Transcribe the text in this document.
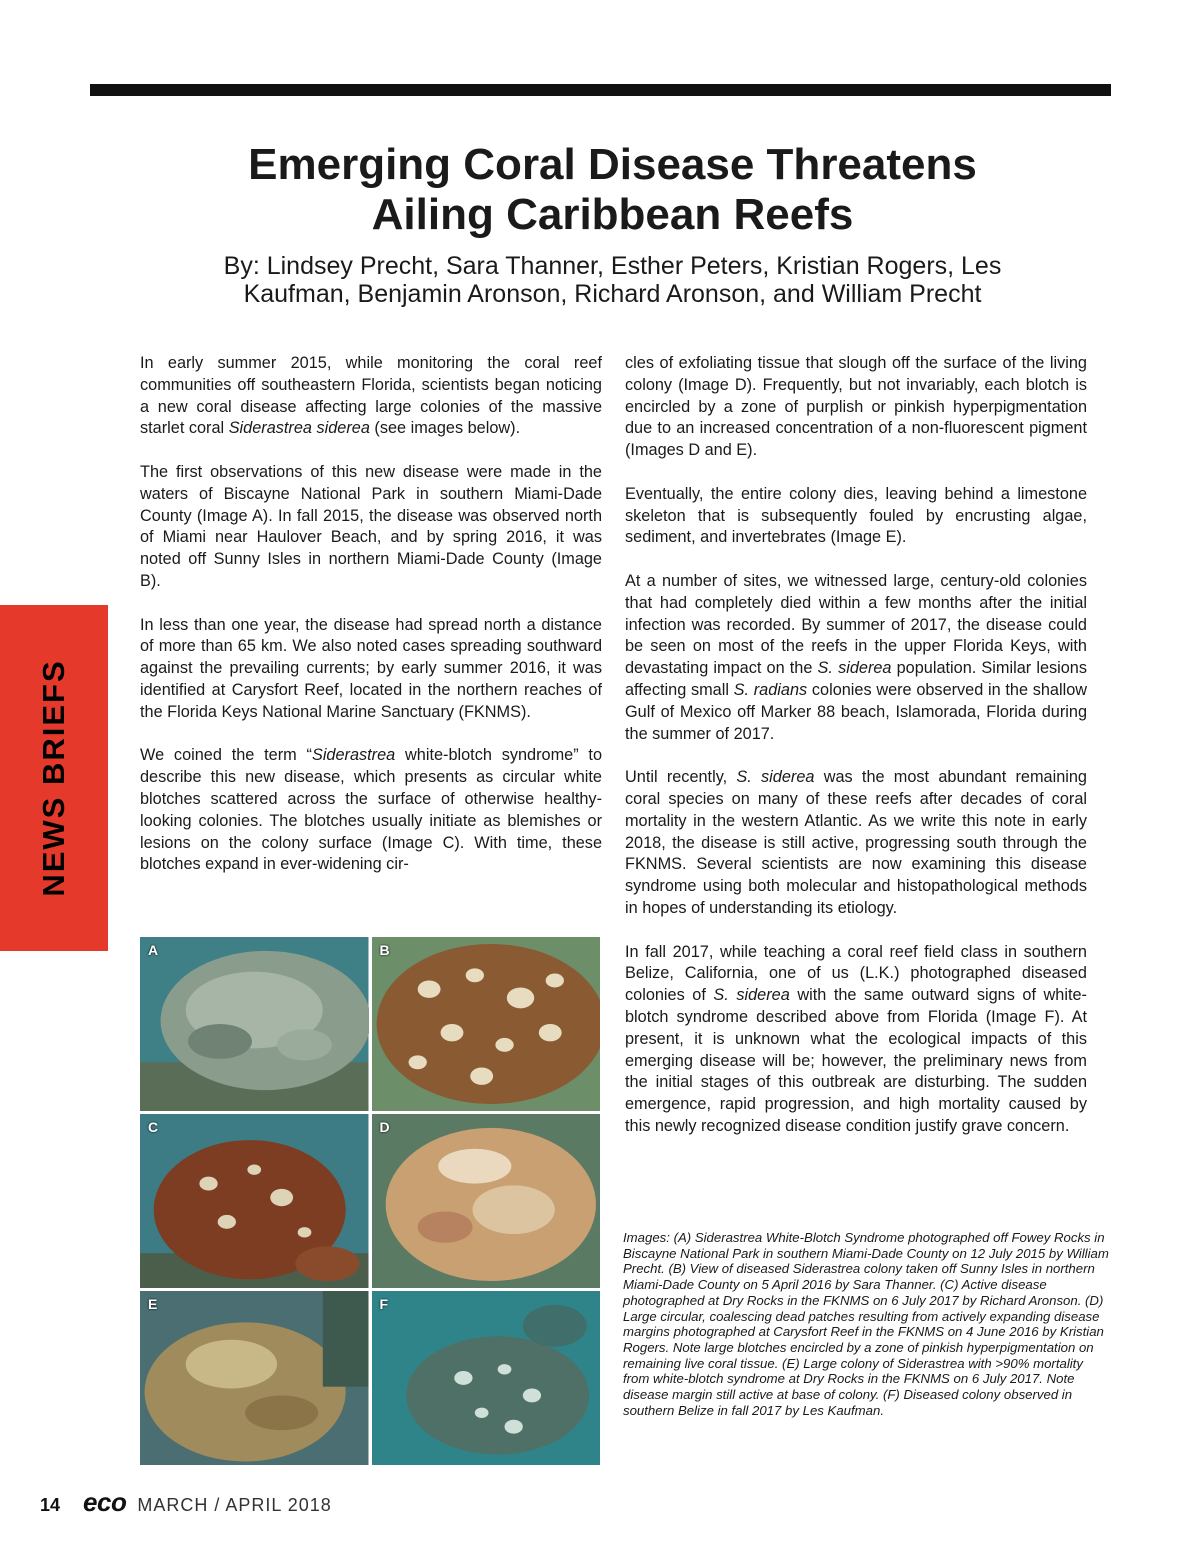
Emerging Coral Disease Threatens
Ailing Caribbean Reefs
By: Lindsey Precht, Sara Thanner, Esther Peters, Kristian Rogers, Les
Kaufman, Benjamin Aronson, Richard Aronson, and William Precht
NEWS BRIEFS

In early summer 2015, while monitoring the coral reef communities off southeastern Florida, scientists began noticing a new coral disease affecting large colonies of the massive starlet coral Siderastrea siderea (see images below).

The first observations of this new disease were made in the waters of Biscayne National Park in southern Miami-Dade County (Image A). In fall 2015, the disease was observed north of Miami near Haulover Beach, and by spring 2016, it was noted off Sunny Isles in northern Miami-Dade County (Image B).

In less than one year, the disease had spread north a distance of more than 65 km. We also noted cases spreading southward against the prevailing currents; by early summer 2016, it was identified at Carysfort Reef, located in the northern reaches of the Florida Keys National Marine Sanctuary (FKNMS).

We coined the term “Siderastrea white-blotch syndrome” to describe this new disease, which presents as circular white blotches scattered across the surface of otherwise healthy-looking colonies. The blotches usually initiate as blemishes or lesions on the colony surface (Image C). With time, these blotches expand in ever-widening cir-

cles of exfoliating tissue that slough off the surface of the living colony (Image D). Frequently, but not invariably, each blotch is encircled by a zone of purplish or pinkish hyperpigmentation due to an increased concentration of a non-fluorescent pigment (Images D and E).

Eventually, the entire colony dies, leaving behind a limestone skeleton that is subsequently fouled by encrusting algae, sediment, and invertebrates (Image E).

At a number of sites, we witnessed large, century-old colonies that had completely died within a few months after the initial infection was recorded. By summer of 2017, the disease could be seen on most of the reefs in the upper Florida Keys, with devastating impact on the S. siderea population. Similar lesions affecting small S. radians colonies were observed in the shallow Gulf of Mexico off Marker 88 beach, Islamorada, Florida during the summer of 2017.

Until recently, S. siderea was the most abundant remaining coral species on many of these reefs after decades of coral mortality in the western Atlantic. As we write this note in early 2018, the disease is still active, progressing south through the FKNMS. Several scientists are now examining this disease syndrome using both molecular and histopathological methods in hopes of understanding its etiology.

In fall 2017, while teaching a coral reef field class in southern Belize, California, one of us (L.K.) photographed diseased colonies of S. siderea with the same outward signs of white-blotch syndrome described above from Florida (Image F). At present, it is unknown what the ecological impacts of this emerging disease will be; however, the preliminary news from the initial stages of this outbreak are disturbing. The sudden emergence, rapid progression, and high mortality caused by this newly recognized disease condition justify grave concern.

A	B
C	D
E	F
Images: (A) Siderastrea White-Blotch Syndrome photographed off Fowey Rocks in Biscayne National Park in southern Miami-Dade County on 12 July 2015 by William Precht. (B) View of diseased Siderastrea colony taken off Sunny Isles in northern Miami-Dade County on 5 April 2016 by Sara Thanner. (C) Active disease photographed at Dry Rocks in the FKNMS on 6 July 2017 by Richard Aronson. (D) Large circular, coalescing dead patches resulting from actively expanding disease margins photographed at Carysfort Reef in the FKNMS on 4 June 2016 by Kristian Rogers. Note large blotches encircled by a zone of pinkish hyperpigmentation on remaining live coral tissue. (E) Large colony of Siderastrea with >90% mortality from white-blotch syndrome at Dry Rocks in the FKNMS on 6 July 2017. Note disease margin still active at base of colony. (F) Diseased colony observed in southern Belize in fall 2017 by Les Kaufman.
14 eco MARCH / APRIL 2018
